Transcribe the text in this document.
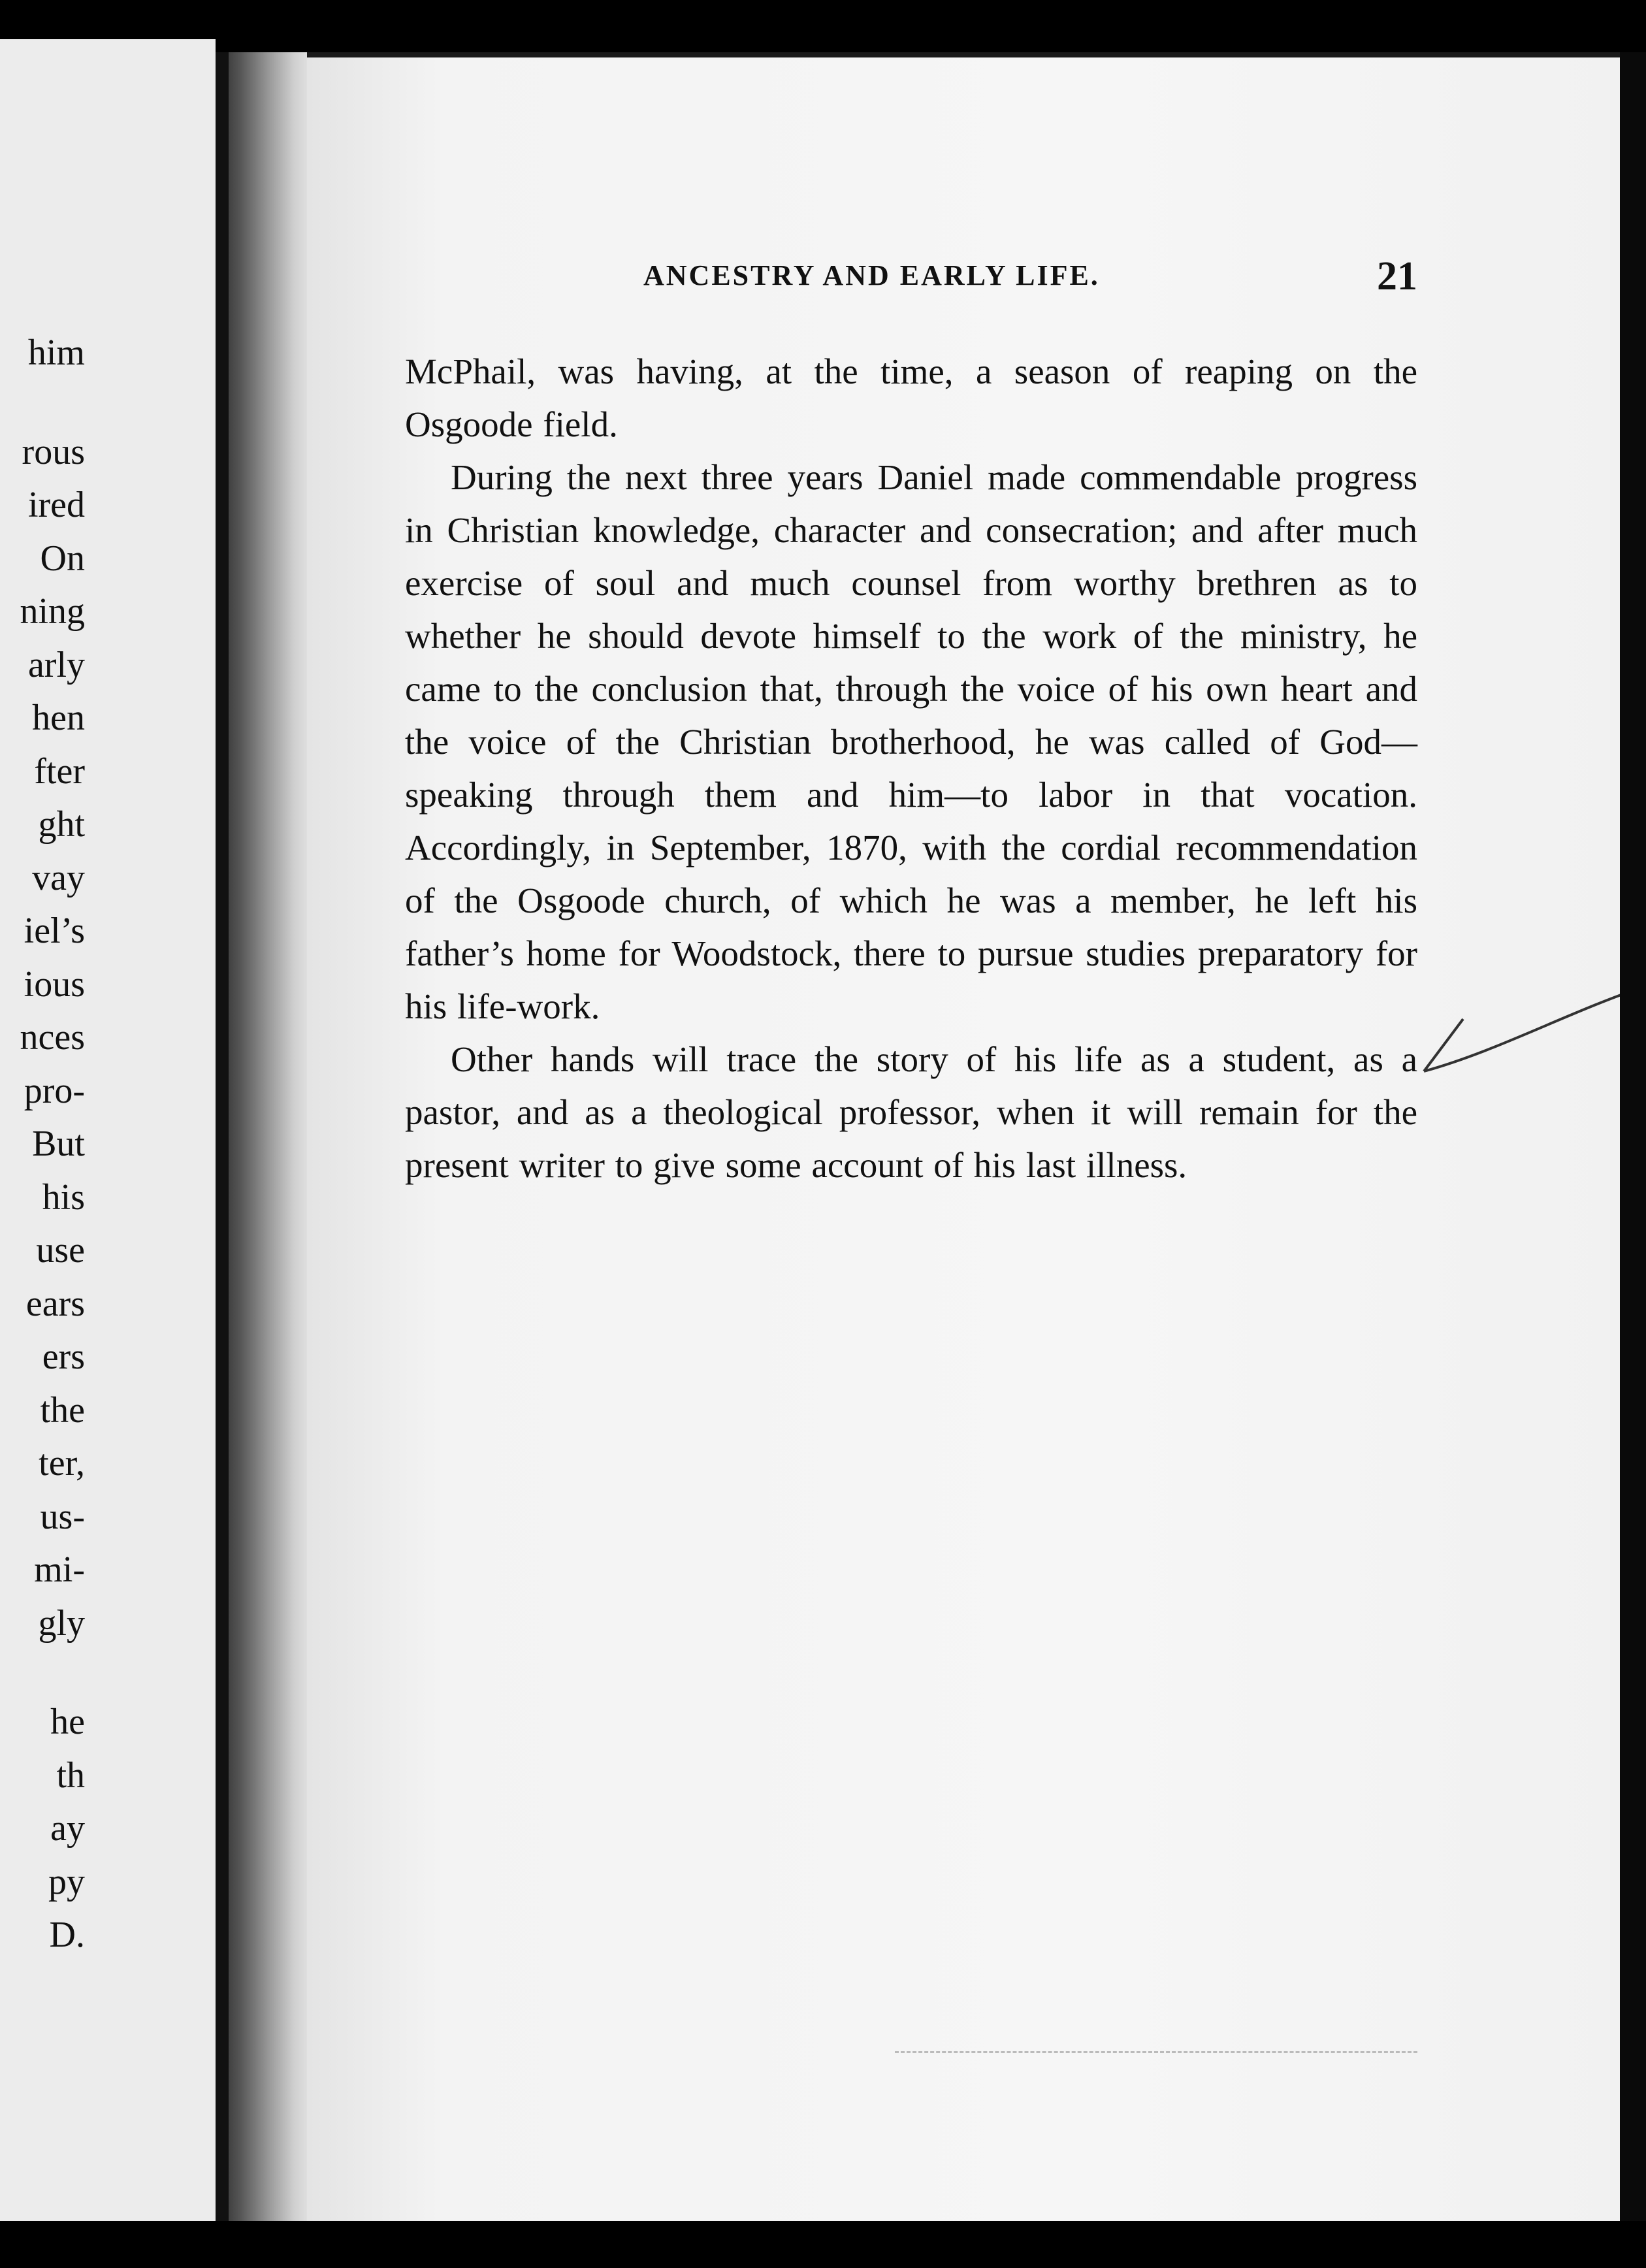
him
rous
ired
On
ning
arly
hen
fter
ght
vay
iel’s
ious
nces
pro-
But
his
use
ears
ers
the
ter,
us-
mi-
gly
he
th
ay
py
D.
ANCESTRY AND EARLY LIFE.	21

McPhail, was having, at the time, a season of reaping on the Osgoode field.

During the next three years Daniel made commendable progress in Christian knowledge, character and consecration; and after much exercise of soul and much counsel from worthy brethren as to whether he should devote himself to the work of the ministry, he came to the conclusion that, through the voice of his own heart and the voice of the Christian brotherhood, he was called of God—speaking through them and him—to labor in that vocation. Accordingly, in September, 1870, with the cordial recommendation of the Osgoode church, of which he was a member, he left his father’s home for Woodstock, there to pursue studies preparatory for his life-work.

Other hands will trace the story of his life as a student, as a pastor, and as a theological professor, when it will remain for the present writer to give some account of his last illness.
